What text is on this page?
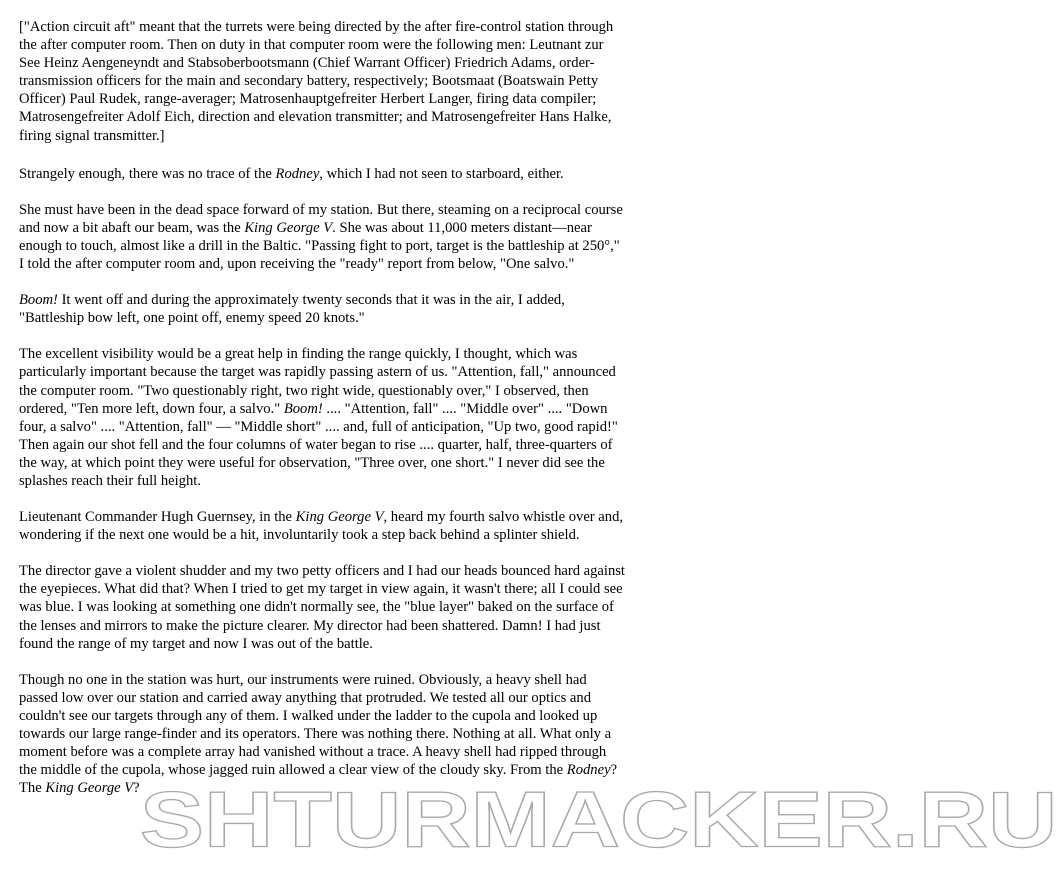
["Action circuit aft" meant that the turrets were being directed by the after fire-control station through the after computer room. Then on duty in that computer room were the following men: Leutnant zur See Heinz Aengeneyndt and Stabsoberbootsmann (Chief Warrant Officer) Friedrich Adams, order-transmission officers for the main and secondary battery, respectively; Bootsmaat (Boatswain Petty Officer) Paul Rudek, range-averager; Matrosenhauptgefreiter Herbert Langer, firing data compiler; Matrosengefreiter Adolf Eich, direction and elevation transmitter; and Matrosengefreiter Hans Halke, firing signal transmitter.]

Strangely enough, there was no trace of the Rodney, which I had not seen to starboard, either.

She must have been in the dead space forward of my station. But there, steaming on a reciprocal course and now a bit abaft our beam, was the King George V. She was about 11,000 meters distant—near enough to touch, almost like a drill in the Baltic. "Passing fight to port, target is the battleship at 250°," I told the after computer room and, upon receiving the "ready" report from below, "One salvo."

Boom! It went off and during the approximately twenty seconds that it was in the air, I added, "Battleship bow left, one point off, enemy speed 20 knots."

The excellent visibility would be a great help in finding the range quickly, I thought, which was particularly important because the target was rapidly passing astern of us. "Attention, fall," announced the computer room. "Two questionably right, two right wide, questionably over," I observed, then ordered, "Ten more left, down four, a salvo." Boom! .... "Attention, fall" .... "Middle over" .... "Down four, a salvo" .... "Attention, fall" — "Middle short" .... and, full of anticipation, "Up two, good rapid!" Then again our shot fell and the four columns of water began to rise .... quarter, half, three-quarters of the way, at which point they were useful for observation, "Three over, one short." I never did see the splashes reach their full height.

Lieutenant Commander Hugh Guernsey, in the King George V, heard my fourth salvo whistle over and, wondering if the next one would be a hit, involuntarily took a step back behind a splinter shield.

The director gave a violent shudder and my two petty officers and I had our heads bounced hard against the eyepieces. What did that? When I tried to get my target in view again, it wasn't there; all I could see was blue. I was looking at something one didn't normally see, the "blue layer" baked on the surface of the lenses and mirrors to make the picture clearer. My director had been shattered. Damn! I had just found the range of my target and now I was out of the battle.

Though no one in the station was hurt, our instruments were ruined. Obviously, a heavy shell had passed low over our station and carried away anything that protruded. We tested all our optics and couldn't see our targets through any of them. I walked under the ladder to the cupola and looked up towards our large range-finder and its operators. There was nothing there. Nothing at all. What only a moment before was a complete array had vanished without a trace. A heavy shell had ripped through the middle of the cupola, whose jagged ruin allowed a clear view of the cloudy sky. From the Rodney? The King George V? SHTURMACKER.RU
